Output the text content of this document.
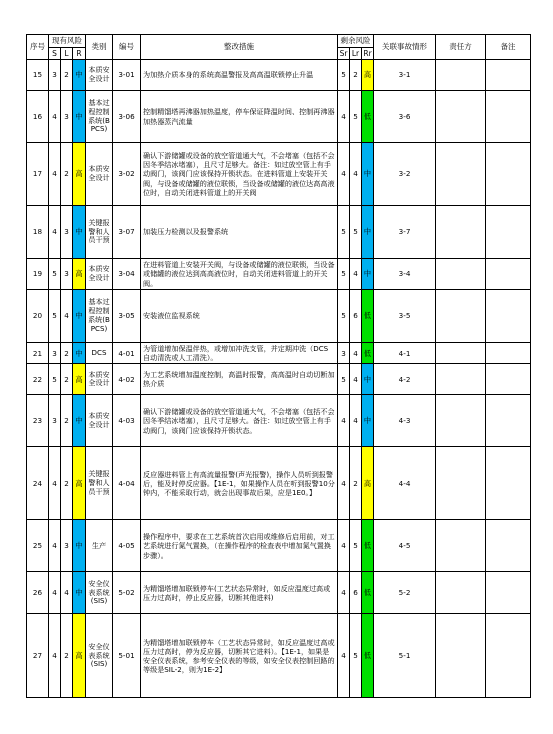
序号	现有风险			类别	编号	整改措施	剩余风险			关联事故情形	责任方	备注
	S	L	R				Sr	Lr	Rr			
15	3	2	中	本质安全设计	3-01	为加热介质本身的系统高温警报及高高温联锁停止升温	5	2	高	3-1		
16	4	3	中	基本过程控制系统(BPCS)	3-06	控制精馏塔再沸器加热温度，停车保证降温时间、控制再沸器加热器蒸汽流量	4	5	低	3-6		
17	4	2	高	本质安全设计	3-02	确认下游储罐或设备的放空管道通大气，不会堵塞（包括不会因冬季结冰堵塞），且尺寸足够大。备注：如过放空管上有手动阀门，该阀门应该保持开锁状态。在进料管道上安装开关阀，与设备或储罐的液位联锁，当设备或储罐的液位达高高液位时，自动关闭进料管道上的开关阀	4	4	中	3-2		
18	4	3	中	关键报警和人员干预	3-07	加装压力检测以及报警系统	5	5	中	3-7		
19	5	3	高	本质安全设计	3-04	在进料管道上安装开关阀，与设备或储罐的液位联锁，当设备或储罐的液位达到高高液位时，自动关闭进料管道上的开关阀。	5	4	中	3-4		
20	5	4	中	基本过程控制系统(BPCS)	3-05	安装液位监视系统	5	6	低	3-5		
21	3	2	中	DCS	4-01	为管道增加保温伴热，或增加冲洗支管，并定期冲洗（DCS自动清洗或人工清洗）。	3	4	低	4-1		
22	5	2	高	本质安全设计	4-02	为工艺系统增加温度控制，高温时报警，高高温时自动切断加热介质	5	4	中	4-2		
23	3	2	中	本质安全设计	4-03	确认下游储罐或设备的放空管道通大气，不会堵塞（包括不会因冬季结冰堵塞），且尺寸足够大。备注：如过放空管上有手动阀门，该阀门应该保持开锁状态。	4	4	中	4-3		
24	4	2	高	关键报警和人员干预	4-04	反应器进料管上有高流量报警(声光报警)，操作人员听到报警后，能及时停反应器。【1E-1，如果操作人员在听到报警10分钟内，不能采取行动，就会出现事故后果，应是1E0。】	4	2	高	4-4		
25	4	3	中	生产	4-05	操作程序中，要求在工艺系统首次启用或维修后启用前，对工艺系统进行氮气置换，（在操作程序的检查表中增加氮气置换步骤）。	4	5	低	4-5		
26	4	4	中	安全仪表系统(SIS)	5-02	为精馏塔增加联锁停车(工艺状态异常时，如反应温度过高或压力过高时，停止反应器，切断其他进料)	4	6	低	5-2		
27	4	2	高	安全仪表系统(SIS)	5-01	为精馏塔增加联锁停车（工艺状态异常时，如反应温度过高或压力过高时，停为反应器，切断其它进料）。【1E-1，如果是安全仪表系统，参考安全仪表的等级，如安全仪表控制回路的等级是SIL-2，则为1E-2】	4	5	低	5-1		
